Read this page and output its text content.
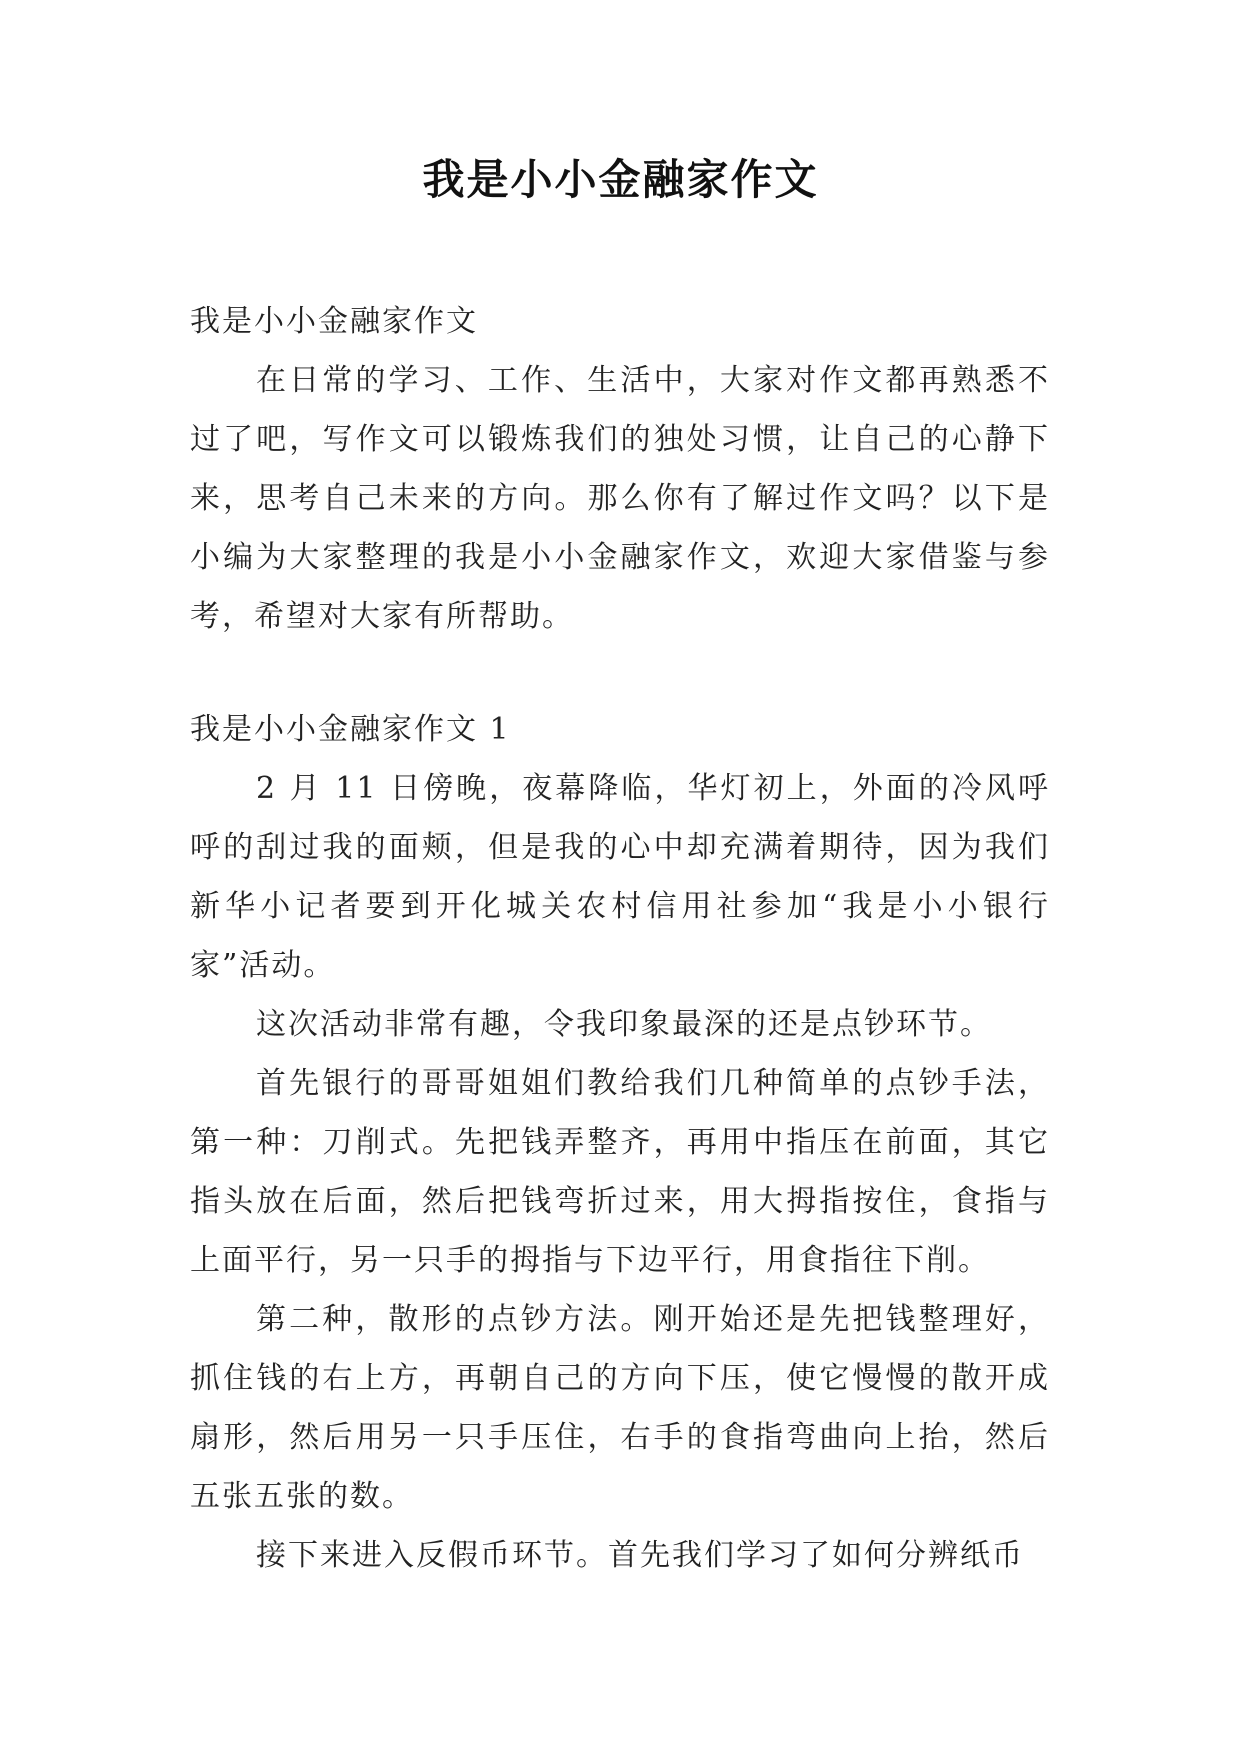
我是小小金融家作文

我是小小金融家作文

在日常的学习、工作、生活中，大家对作文都再熟悉不过了吧，写作文可以锻炼我们的独处习惯，让自己的心静下来，思考自己未来的方向。那么你有了解过作文吗？以下是小编为大家整理的我是小小金融家作文，欢迎大家借鉴与参考，希望对大家有所帮助。

我是小小金融家作文 1

2 月 11 日傍晚，夜幕降临，华灯初上，外面的冷风呼呼的刮过我的面颊，但是我的心中却充满着期待，因为我们新华小记者要到开化城关农村信用社参加“我是小小银行家”活动。

这次活动非常有趣，令我印象最深的还是点钞环节。

首先银行的哥哥姐姐们教给我们几种简单的点钞手法，第一种：刀削式。先把钱弄整齐，再用中指压在前面，其它指头放在后面，然后把钱弯折过来，用大拇指按住，食指与上面平行，另一只手的拇指与下边平行，用食指往下削。

第二种，散形的点钞方法。刚开始还是先把钱整理好，抓住钱的右上方，再朝自己的方向下压，使它慢慢的散开成扇形，然后用另一只手压住，右手的食指弯曲向上抬，然后五张五张的数。

接下来进入反假币环节。首先我们学习了如何分辨纸币
